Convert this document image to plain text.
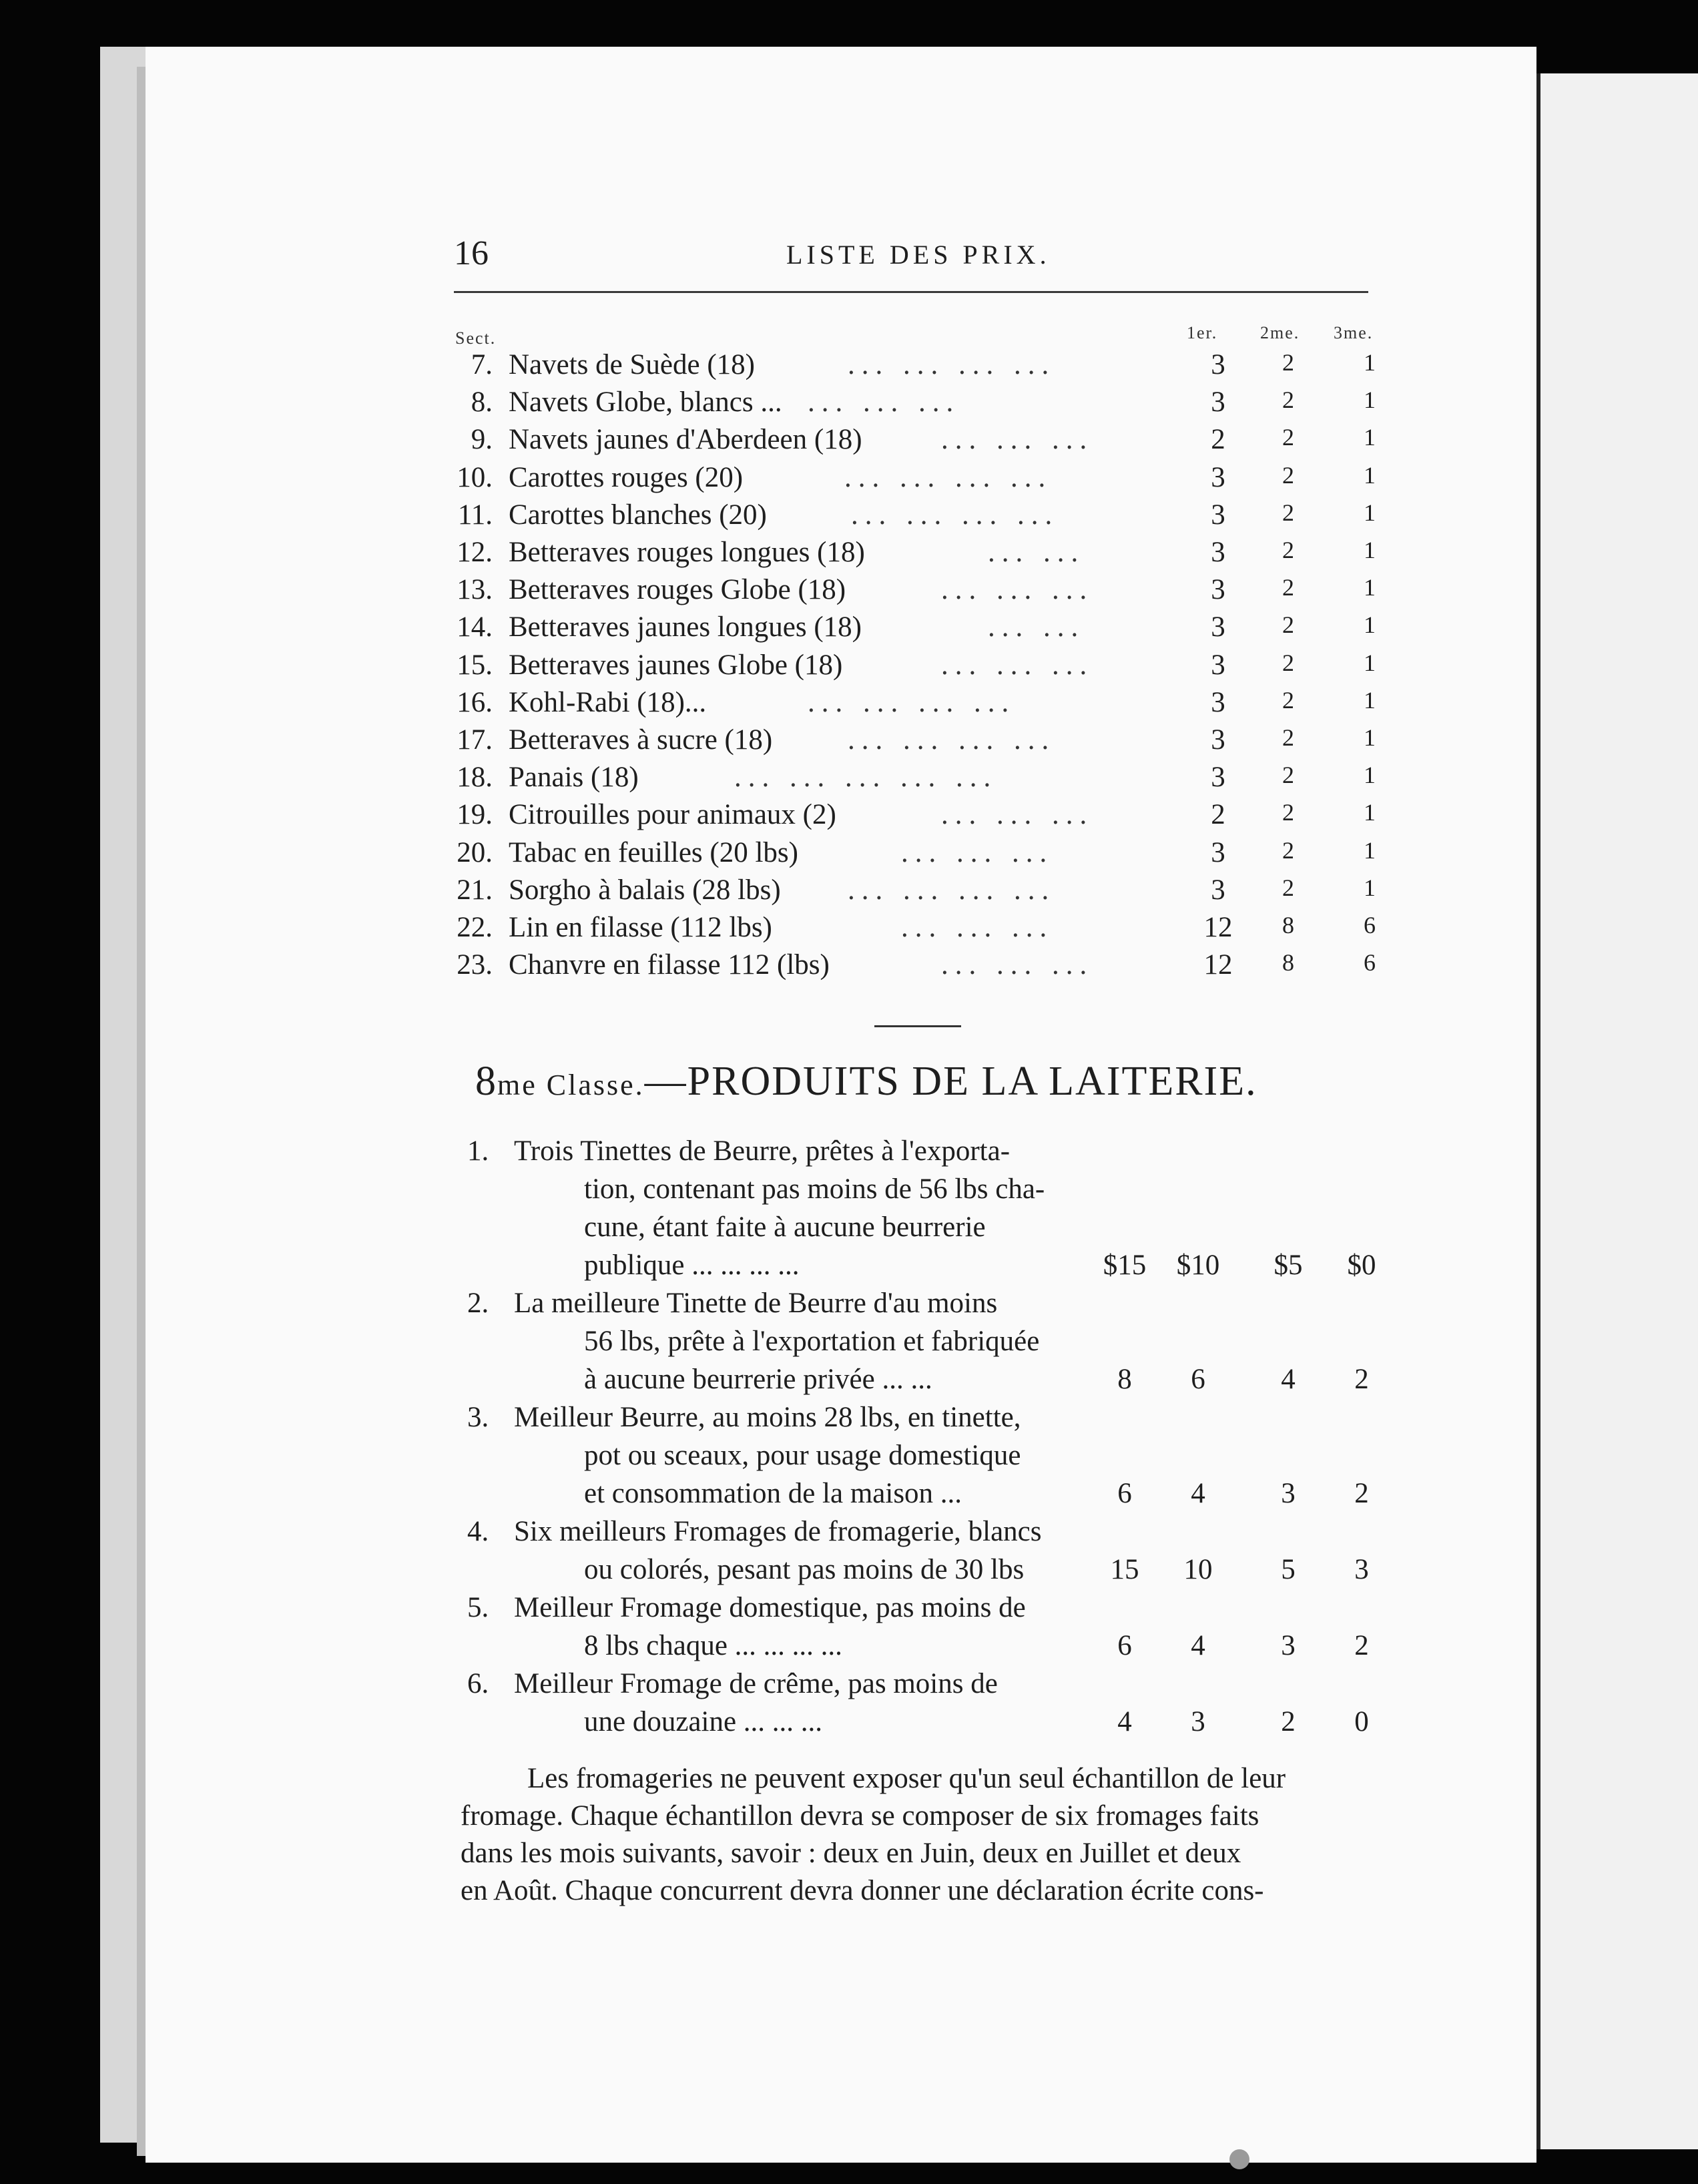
16	LISTE DES PRIX.
Sect.	1er. 2me. 3me.
7. Navets de Suède (18)	... ... ... ...	3	2	1
8. Navets Globe, blancs ... ... ... ...	3	2	1
9. Navets jaunes d'Aberdeen (18)	... ... ...	2	2	1
10. Carottes rouges (20)	... ... ... ...	3	2	1
11. Carottes blanches (20)	... ... ... ...	3	2	1
12. Betteraves rouges longues (18)	... ...	3	2	1
13. Betteraves rouges Globe (18)	... ... ...	3	2	1
14. Betteraves jaunes longues (18)	... ...	3	2	1
15. Betteraves jaunes Globe (18)	... ... ...	3	2	1
16. Kohl-Rabi (18)...	... ... ... ...	3	2	1
17. Betteraves à sucre (18)	... ... ... ...	3	2	1
18. Panais (18)	... ... ... ... ...	3	2	1
19. Citrouilles pour animaux (2)	... ... ...	2	2	1
20. Tabac en feuilles (20 lbs)	... ... ...	3	2	1
21. Sorgho à balais (28 lbs) ... ... ... ...	3	2	1
22. Lin en filasse (112 lbs)	... ... ...	12	8	6
23. Chanvre en filasse 112 (lbs)	... ... ...	12	8	6
8me Classe.—PRODUITS DE LA LAITERIE.
1. Trois Tinettes de Beurre, prêtes à l'exporta-
tion, contenant pas moins de 56 lbs cha-
cune, étant faite à aucune beurrerie
publique ... ... ... ...	$15 $10	$5	$0
2. La meilleure Tinette de Beurre d'au moins
56 lbs, prête à l'exportation et fabriquée
à aucune beurrerie privée ... ...	8	6	4	2
3. Meilleur Beurre, au moins 28 lbs, en tinette,
pot ou sceaux, pour usage domestique
et consommation de la maison ...	6	4	3	2
4. Six meilleurs Fromages de fromagerie, blancs
ou colorés, pesant pas moins de 30 lbs	15	10	5	3
5. Meilleur Fromage domestique, pas moins de
8 lbs chaque ... ... ... ...	6	4	3	2
6. Meilleur Fromage de crême, pas moins de
une douzaine ... ... ...	4	3	2	0
Les fromageries ne peuvent exposer qu'un seul échantillon de leur
fromage. Chaque échantillon devra se composer de six fromages faits
dans les mois suivants, savoir : deux en Juin, deux en Juillet et deux
en Août. Chaque concurrent devra donner une déclaration écrite cons-
